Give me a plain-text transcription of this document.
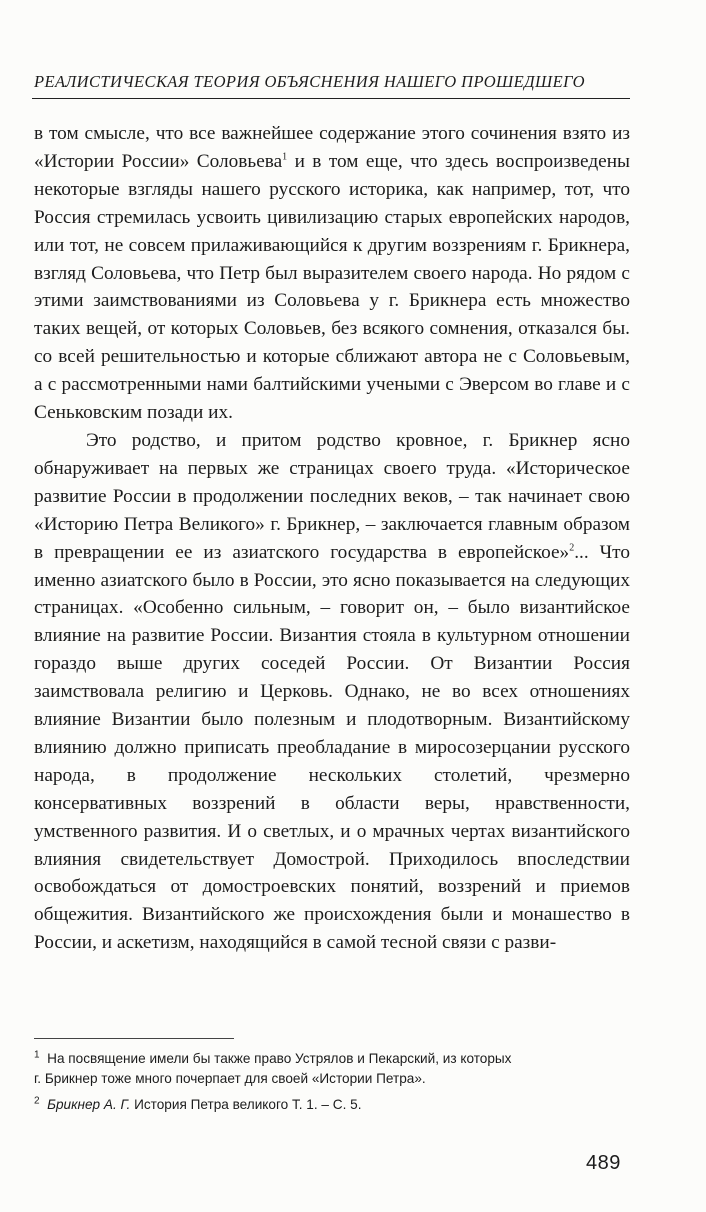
РЕАЛИСТИЧЕСКАЯ ТЕОРИЯ ОБЪЯСНЕНИЯ НАШЕГО ПРОШЕДШЕГО

в том смысле, что все важнейшее содержание этого сочинения взято из «Истории России» Соловьева$^1$ и в том еще, что здесь воспроизведены некоторые взгляды нашего русского историка, как например, тот, что Россия стремилась усвоить цивилизацию старых европейских народов, или тот, не совсем прилаживающийся к другим воззрениям г. Брикнера, взгляд Соловьева, что Петр был выразителем своего народа. Но рядом с этими заимствованиями из Соловьева у г. Брикнера есть множество таких вещей, от которых Соловьев, без всякого сомнения, отказался бы. со всей решительностью и которые сближают автора не с Соловьевым, а с рассмотренными нами балтийскими учеными с Эверсом во главе и с Сеньковским позади их.

Это родство, и притом родство кровное, г. Брикнер ясно обнаруживает на первых же страницах своего труда. «Историческое развитие России в продолжении последних веков, – так начинает свою «Историю Петра Великого» г. Брикнер, – заключается главным образом в превращении ее из азиатского государства в европейское»$^2$... Что именно азиатского было в России, это ясно показывается на следующих страницах. «Особенно сильным, – говорит он, – было византийское влияние на развитие России. Византия стояла в культурном отношении гораздо выше других соседей России. От Византии Россия заимствовала религию и Церковь. Однако, не во всех отношениях влияние Византии было полезным и плодотворным. Византийскому влиянию должно приписать преобладание в миросозерцании русского народа, в продолжение нескольких столетий, чрезмерно консервативных воззрений в области веры, нравственности, умственного развития. И о светлых, и о мрачных чертах византийского влияния свидетельствует Домострой. Приходилось впоследствии освобождаться от домостроевских понятий, воззрений и приемов общежития. Византийского же происхождения были и монашество в России, и аскетизм, находящийся в самой тесной связи с разви-

$^1$ На посвящение имели бы также право Устрялов и Пекарский, из которых
г. Брикнер тоже много почерпает для своей «Истории Петра».

$^2$ Брикнер А. Г. История Петра великого Т. 1. – С. 5.

489
